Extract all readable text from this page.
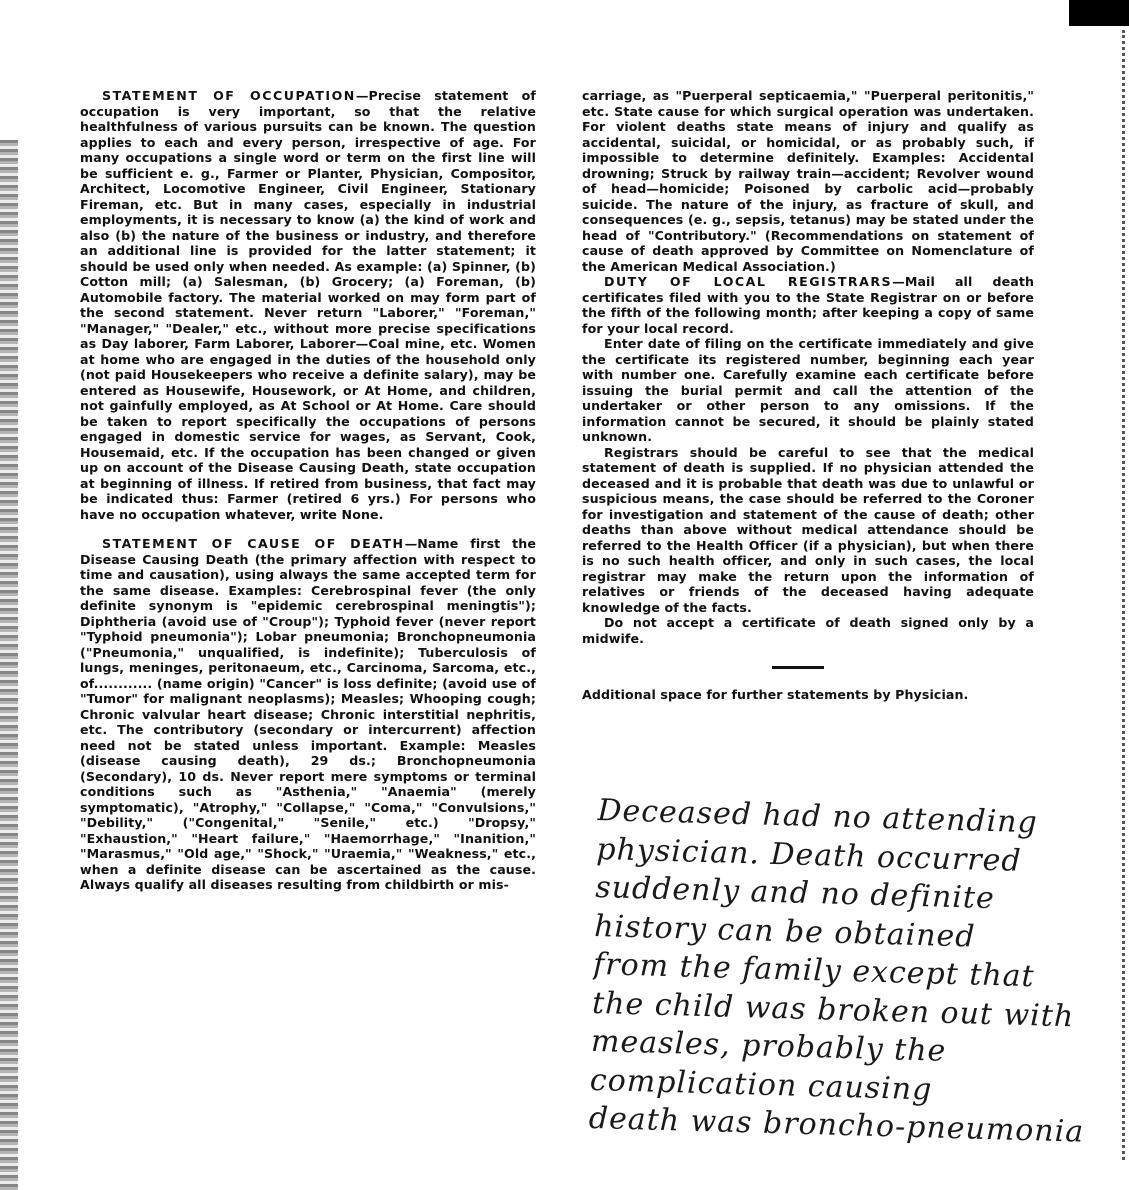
STATEMENT OF OCCUPATION—Precise statement of occupation is very important, so that the relative healthfulness of various pursuits can be known. The question applies to each and every person, irrespective of age. For many occupations a single word or term on the first line will be sufficient e. g., Farmer or Planter, Physician, Compositor, Architect, Locomotive Engineer, Civil Engineer, Stationary Fireman, etc. But in many cases, especially in industrial employments, it is necessary to know (a) the kind of work and also (b) the nature of the business or industry, and therefore an additional line is provided for the latter statement; it should be used only when needed. As example: (a) Spinner, (b) Cotton mill; (a) Salesman, (b) Grocery; (a) Foreman, (b) Automobile factory. The material worked on may form part of the second statement. Never return "Laborer," "Foreman," "Manager," "Dealer," etc., without more precise specifications as Day laborer, Farm Laborer, Laborer—Coal mine, etc. Women at home who are engaged in the duties of the household only (not paid Housekeepers who receive a definite salary), may be entered as Housewife, Housework, or At Home, and children, not gainfully employed, as At School or At Home. Care should be taken to report specifically the occupations of persons engaged in domestic service for wages, as Servant, Cook, Housemaid, etc. If the occupation has been changed or given up on account of the Disease Causing Death, state occupation at beginning of illness. If retired from business, that fact may be indicated thus: Farmer (retired 6 yrs.) For persons who have no occupation whatever, write None.

STATEMENT OF CAUSE OF DEATH—Name first the Disease Causing Death (the primary affection with respect to time and causation), using always the same accepted term for the same disease. Examples: Cerebrospinal fever (the only definite synonym is "epidemic cerebrospinal meningtis"); Diphtheria (avoid use of "Croup"); Typhoid fever (never report "Typhoid pneumonia"); Lobar pneumonia; Bronchopneumonia ("Pneumonia," unqualified, is indefinite); Tuberculosis of lungs, meninges, peritonaeum, etc., Carcinoma, Sarcoma, etc., of............ (name origin) "Cancer" is loss definite; (avoid use of "Tumor" for malignant neoplasms); Measles; Whooping cough; Chronic valvular heart disease; Chronic interstitial nephritis, etc. The contributory (secondary or intercurrent) affection need not be stated unless important. Example: Measles (disease causing death), 29 ds.; Bronchopneumonia (Secondary), 10 ds. Never report mere symptoms or terminal conditions such as "Asthenia," "Anaemia" (merely symptomatic), "Atrophy," "Collapse," "Coma," "Convulsions," "Debility," ("Congenital," "Senile," etc.) "Dropsy," "Exhaustion," "Heart failure," "Haemorrhage," "Inanition," "Marasmus," "Old age," "Shock," "Uraemia," "Weakness," etc., when a definite disease can be ascertained as the cause. Always qualify all diseases resulting from childbirth or mis-

carriage, as "Puerperal septicaemia," "Puerperal peritonitis," etc. State cause for which surgical operation was undertaken. For violent deaths state means of injury and qualify as accidental, suicidal, or homicidal, or as probably such, if impossible to determine definitely. Examples: Accidental drowning; Struck by railway train—accident; Revolver wound of head—homicide; Poisoned by carbolic acid—probably suicide. The nature of the injury, as fracture of skull, and consequences (e. g., sepsis, tetanus) may be stated under the head of "Contributory." (Recommendations on statement of cause of death approved by Committee on Nomenclature of the American Medical Association.)

DUTY OF LOCAL REGISTRARS—Mail all death certificates filed with you to the State Registrar on or before the fifth of the following month; after keeping a copy of same for your local record.

Enter date of filing on the certificate immediately and give the certificate its registered number, beginning each year with number one. Carefully examine each certificate before issuing the burial permit and call the attention of the undertaker or other person to any omissions. If the information cannot be secured, it should be plainly stated unknown.

Registrars should be careful to see that the medical statement of death is supplied. If no physician attended the deceased and it is probable that death was due to unlawful or suspicious means, the case should be referred to the Coroner for investigation and statement of the cause of death; other deaths than above without medical attendance should be referred to the Health Officer (if a physician), but when there is no such health officer, and only in such cases, the local registrar may make the return upon the information of relatives or friends of the deceased having adequate knowledge of the facts.

Do not accept a certificate of death signed only by a midwife.

Additional space for further statements by Physician.

Deceased had no attending
physician. Death occurred
suddenly and no definite
history can be obtained
from the family except that
the child was broken out with
measles, probably the
complication causing
death was broncho-pneumonia
